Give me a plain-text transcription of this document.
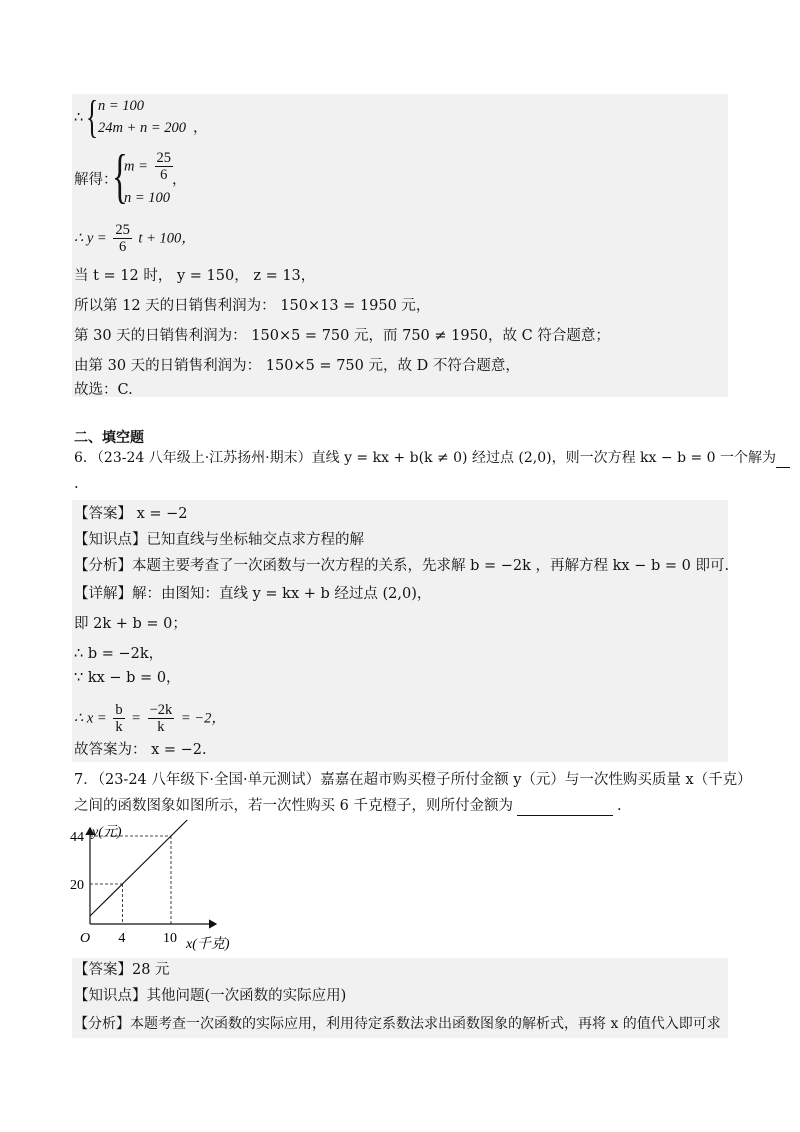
∴ { n = 100
24m + n = 200 ，
解得：
{
$m = \frac{25}{6}$ ，
n = 100
∴ $y = \frac{25}{6}$ t + 100，
当 t = 12 时， y = 150， z = 13，
所以第 12 天的日销售利润为： 150×13 = 1950 元，
第 30 天的日销售利润为： 150×5 = 750 元，而 750 ≠ 1950，故 C 符合题意；
由第 30 天的日销售利润为： 150×5 = 750 元，故 D 不符合题意，
故选：C.
二、填空题
6．（23-24 八年级上·江苏扬州·期末）直线 y = kx + b(k ≠ 0) 经过点 (2,0)，则一次方程 kx − b = 0 一个解为
.
【答案】 x = −2
【知识点】已知直线与坐标轴交点求方程的解
【分析】本题主要考查了一次函数与一次方程的关系，先求解 b = −2k ，再解方程 kx − b = 0 即可.
【详解】解：由图知：直线 y = kx + b 经过点 (2,0)，
即 2k + b = 0；
∴ b = −2k，
∵ kx − b = 0，
∴ $x = \frac{b}{k} = \frac{-2k}{k} = -2$，
故答案为： x = −2.
7．（23-24 八年级下·全国·单元测试）嘉嘉在超市购买橙子所付金额 y（元）与一次性购买质量 x（千克）
之间的函数图象如图所示，若一次性购买 6 千克橙子，则所付金额为	.
4	10
20
44 y(元)
x(千克)
O
【答案】28 元
【知识点】其他问题(一次函数的实际应用)
【分析】本题考查一次函数的实际应用，利用待定系数法求出函数图象的解析式，再将 x 的值代入即可求
